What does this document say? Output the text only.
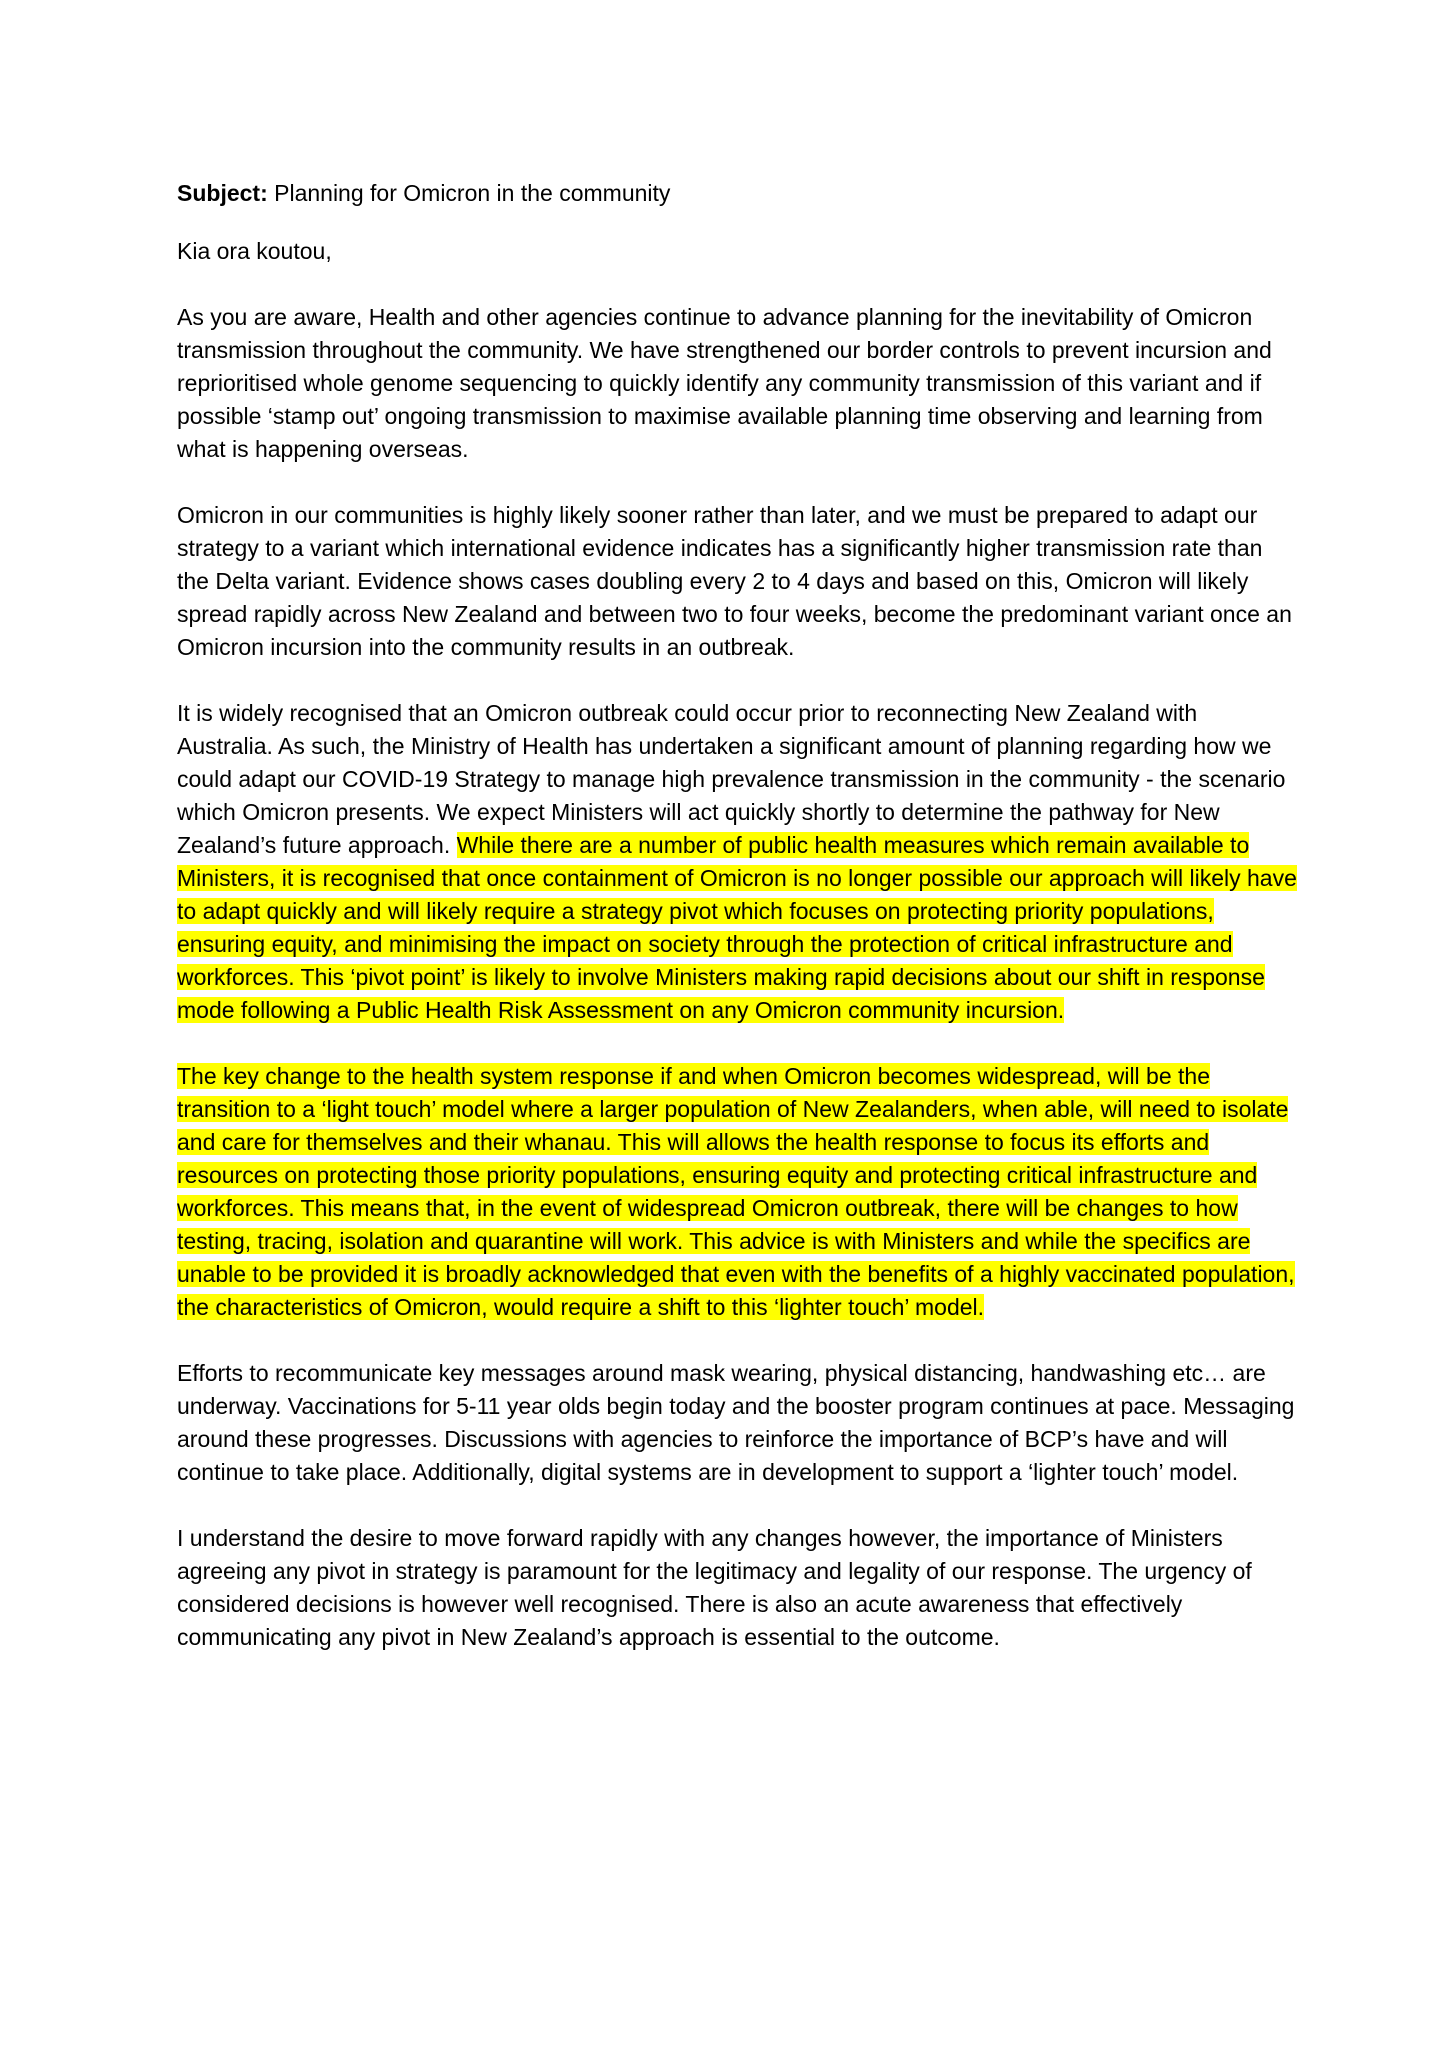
Subject: Planning for Omicron in the community

Kia ora koutou,

As you are aware, Health and other agencies continue to advance planning for the inevitability of Omicron transmission throughout the community. We have strengthened our border controls to prevent incursion and reprioritised whole genome sequencing to quickly identify any community transmission of this variant and if possible ‘stamp out’ ongoing transmission to maximise available planning time observing and learning from what is happening overseas.

Omicron in our communities is highly likely sooner rather than later, and we must be prepared to adapt our strategy to a variant which international evidence indicates has a significantly higher transmission rate than the Delta variant. Evidence shows cases doubling every 2 to 4 days and based on this, Omicron will likely spread rapidly across New Zealand and between two to four weeks, become the predominant variant once an Omicron incursion into the community results in an outbreak.

It is widely recognised that an Omicron outbreak could occur prior to reconnecting New Zealand with Australia. As such, the Ministry of Health has undertaken a significant amount of planning regarding how we could adapt our COVID-19 Strategy to manage high prevalence transmission in the community - the scenario which Omicron presents. We expect Ministers will act quickly shortly to determine the pathway for New Zealand’s future approach. While there are a number of public health measures which remain available to Ministers, it is recognised that once containment of Omicron is no longer possible our approach will likely have to adapt quickly and will likely require a strategy pivot which focuses on protecting priority populations, ensuring equity, and minimising the impact on society through the protection of critical infrastructure and workforces. This ‘pivot point’ is likely to involve Ministers making rapid decisions about our shift in response mode following a Public Health Risk Assessment on any Omicron community incursion.

The key change to the health system response if and when Omicron becomes widespread, will be the transition to a ‘light touch’ model where a larger population of New Zealanders, when able, will need to isolate and care for themselves and their whanau. This will allows the health response to focus its efforts and resources on protecting those priority populations, ensuring equity and protecting critical infrastructure and workforces. This means that, in the event of widespread Omicron outbreak, there will be changes to how testing, tracing, isolation and quarantine will work. This advice is with Ministers and while the specifics are unable to be provided it is broadly acknowledged that even with the benefits of a highly vaccinated population, the characteristics of Omicron, would require a shift to this ‘lighter touch’ model.

Efforts to recommunicate key messages around mask wearing, physical distancing, handwashing etc… are underway. Vaccinations for 5-11 year olds begin today and the booster program continues at pace. Messaging around these progresses. Discussions with agencies to reinforce the importance of BCP’s have and will continue to take place. Additionally, digital systems are in development to support a ‘lighter touch’ model.

I understand the desire to move forward rapidly with any changes however, the importance of Ministers agreeing any pivot in strategy is paramount for the legitimacy and legality of our response. The urgency of considered decisions is however well recognised. There is also an acute awareness that effectively communicating any pivot in New Zealand’s approach is essential to the outcome.
